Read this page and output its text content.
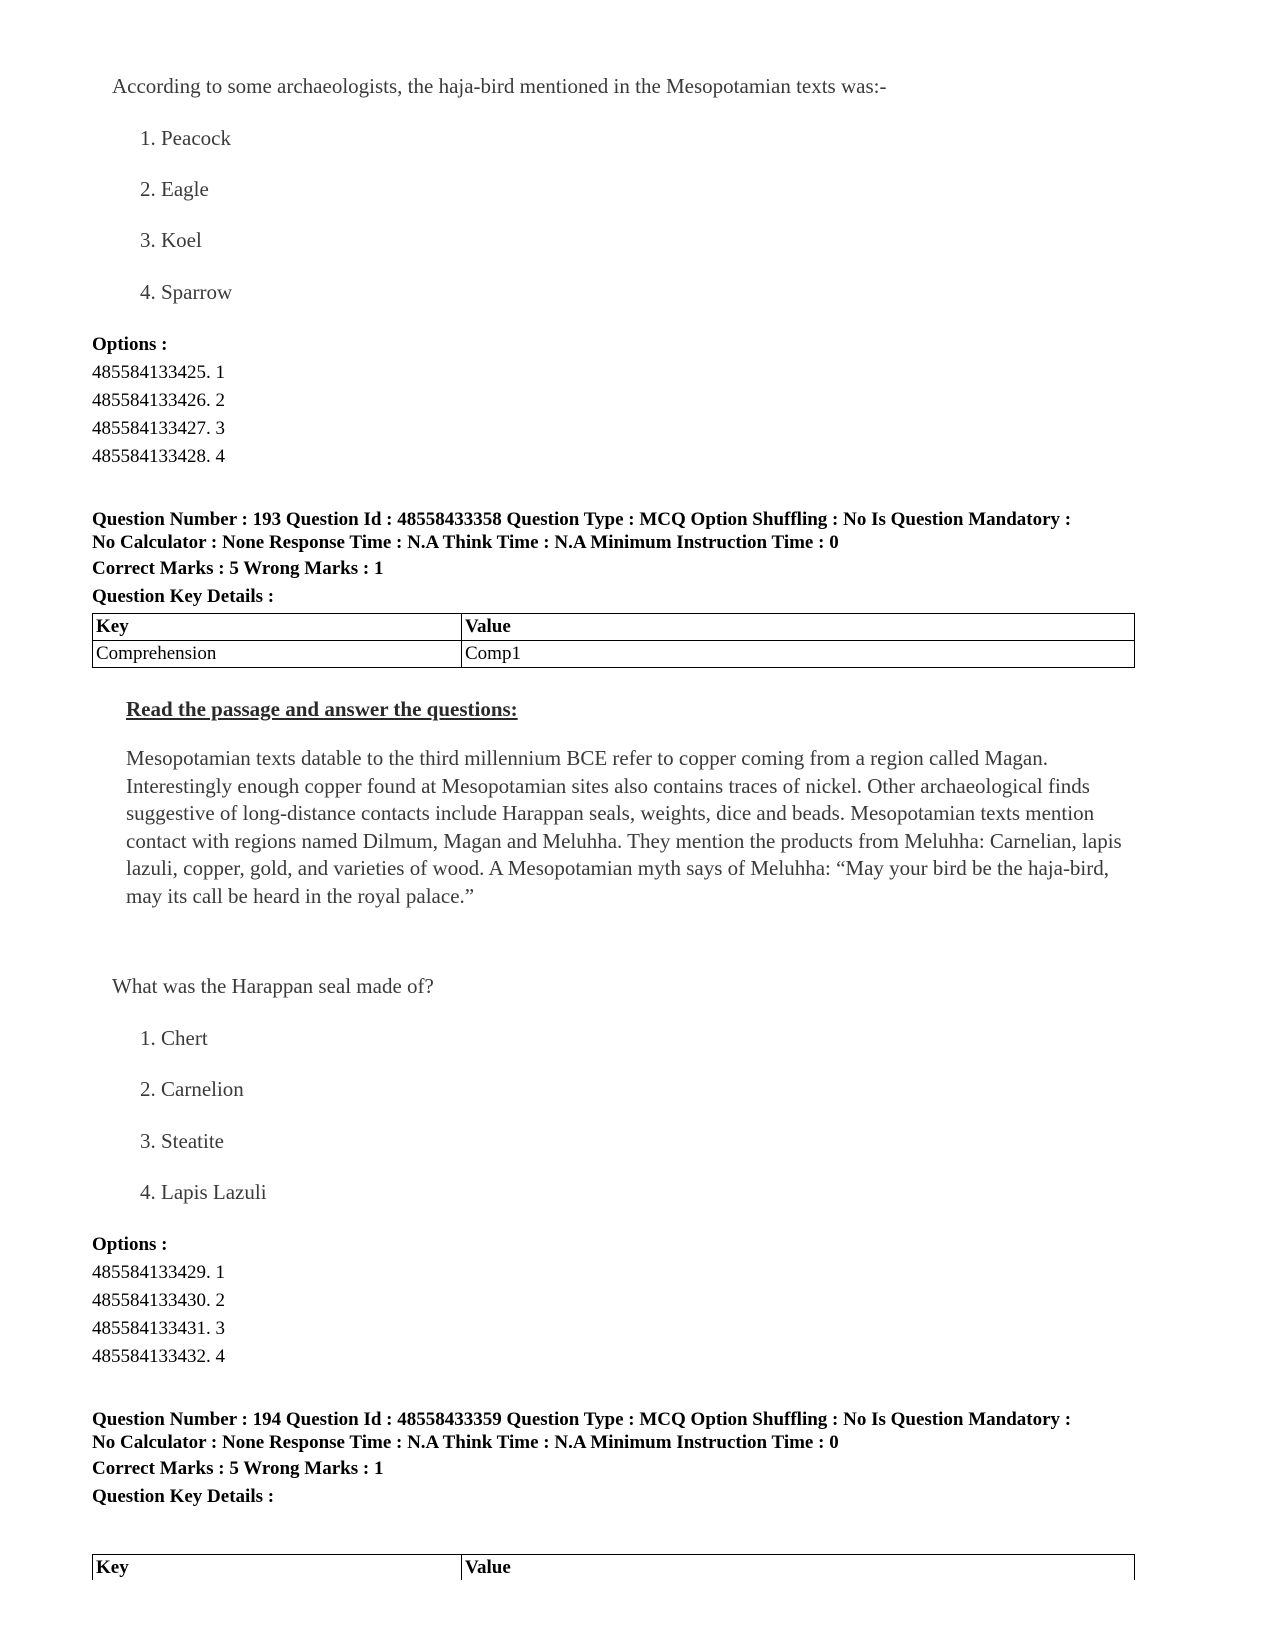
According to some archaeologists, the haja-bird mentioned in the Mesopotamian texts was:-
1. Peacock
2. Eagle
3. Koel
4. Sparrow
Options :
485584133425. 1
485584133426. 2
485584133427. 3
485584133428. 4
Question Number : 193 Question Id : 48558433358 Question Type : MCQ Option Shuffling : No Is Question Mandatory :
No Calculator : None Response Time : N.A Think Time : N.A Minimum Instruction Time : 0
Correct Marks : 5 Wrong Marks : 1
Question Key Details :
Key	Value
Comprehension	Comp1
Read the passage and answer the questions:
Mesopotamian texts datable to the third millennium BCE refer to copper coming from a region called Magan. Interestingly enough copper found at Mesopotamian sites also contains traces of nickel. Other archaeological finds suggestive of long-distance contacts include Harappan seals, weights, dice and beads. Mesopotamian texts mention contact with regions named Dilmum, Magan and Meluhha. They mention the products from Meluhha: Carnelian, lapis lazuli, copper, gold, and varieties of wood. A Mesopotamian myth says of Meluhha: “May your bird be the haja-bird, may its call be heard in the royal palace.”
What was the Harappan seal made of?
1. Chert
2. Carnelion
3. Steatite
4. Lapis Lazuli
Options :
485584133429. 1
485584133430. 2
485584133431. 3
485584133432. 4
Question Number : 194 Question Id : 48558433359 Question Type : MCQ Option Shuffling : No Is Question Mandatory :
No Calculator : None Response Time : N.A Think Time : N.A Minimum Instruction Time : 0
Correct Marks : 5 Wrong Marks : 1
Question Key Details :
Key	Value
